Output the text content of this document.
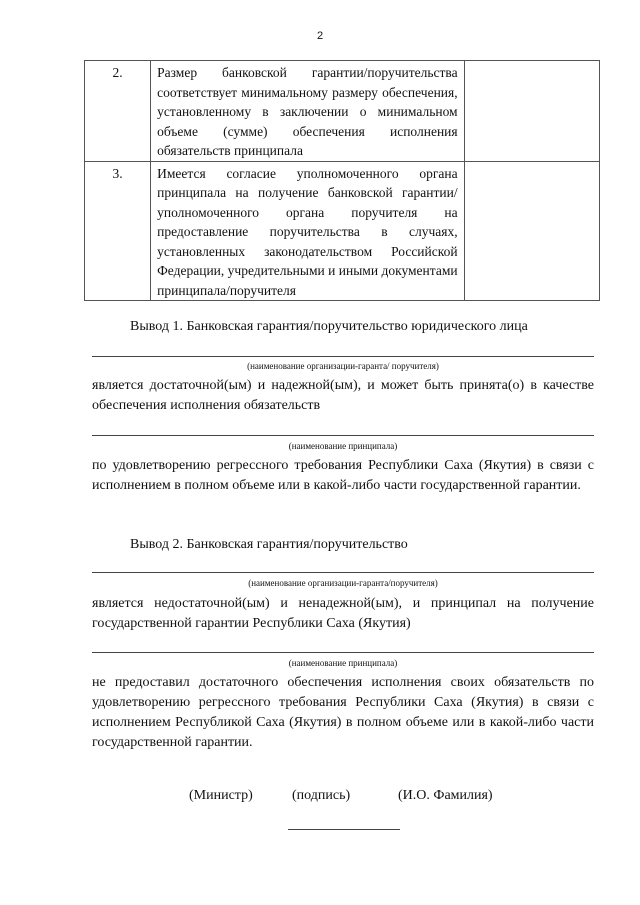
2
2.	Размер банковской гарантии/поручительства соответствует минимальному размеру обеспечения, установленному в заключении о минимальном объеме (сумме) обеспечения исполнения обязательств принципала	
3.	Имеется согласие уполномоченного органа принципала на получение банковской гарантии/уполномоченного органа поручителя на предоставление поручительства в случаях, установленных законодательством Российской Федерации, учредительными и иными документами принципала/поручителя	
Вывод 1. Банковская гарантия/поручительство юридического лица
(наименование организации-гаранта/ поручителя)

является достаточной(ым) и надежной(ым), и может быть принята(о) в качестве обеспечения исполнения обязательств

(наименование принципала)

по удовлетворению регрессного требования Республики Саха (Якутия) в связи с исполнением в полном объеме или в какой-либо части государственной гарантии.

Вывод 2. Банковская гарантия/поручительство
(наименование организации-гаранта/поручителя)

является недостаточной(ым) и ненадежной(ым), и принципал на получение государственной гарантии Республики Саха (Якутия)

(наименование принципала)

не предоставил достаточного обеспечения исполнения своих обязательств по удовлетворению регрессного требования Республики Саха (Якутия) в связи с исполнением Республикой Саха (Якутия) в полном объеме или в какой-либо части государственной гарантии.

(Министр)	(подпись)	(И.О. Фамилия)
